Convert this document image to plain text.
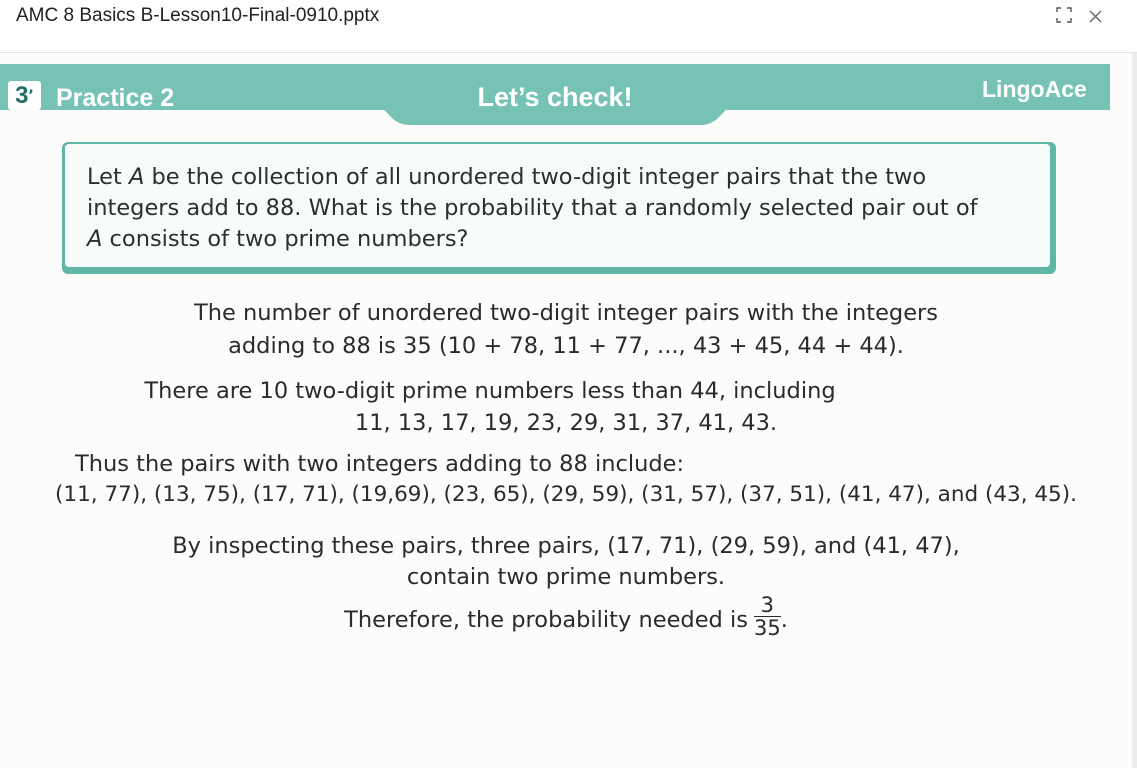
AMC 8 Basics B-Lesson10-Final-0910.pptx
3 ’ Practice 2	Let’s check!	LingoAce
Let A be the collection of all unordered two-digit integer pairs that the two
integers add to 88. What is the probability that a randomly selected pair out of
A consists of two prime numbers?
The number of unordered two-digit integer pairs with the integers
adding to 88 is 35 (10 + 78, 11 + 77, ..., 43 + 45, 44 + 44).
There are 10 two-digit prime numbers less than 44, including
11, 13, 17, 19, 23, 29, 31, 37, 41, 43.
Thus the pairs with two integers adding to 88 include:
(11, 77), (13, 75), (17, 71), (19,69), (23, 65), (29, 59), (31, 57), (37, 51), (41, 47), and (43, 45).
By inspecting these pairs, three pairs, (17, 71), (29, 59), and (41, 47),
contain two prime numbers.
Therefore, the probability needed is $\frac{3}{35}$ .
